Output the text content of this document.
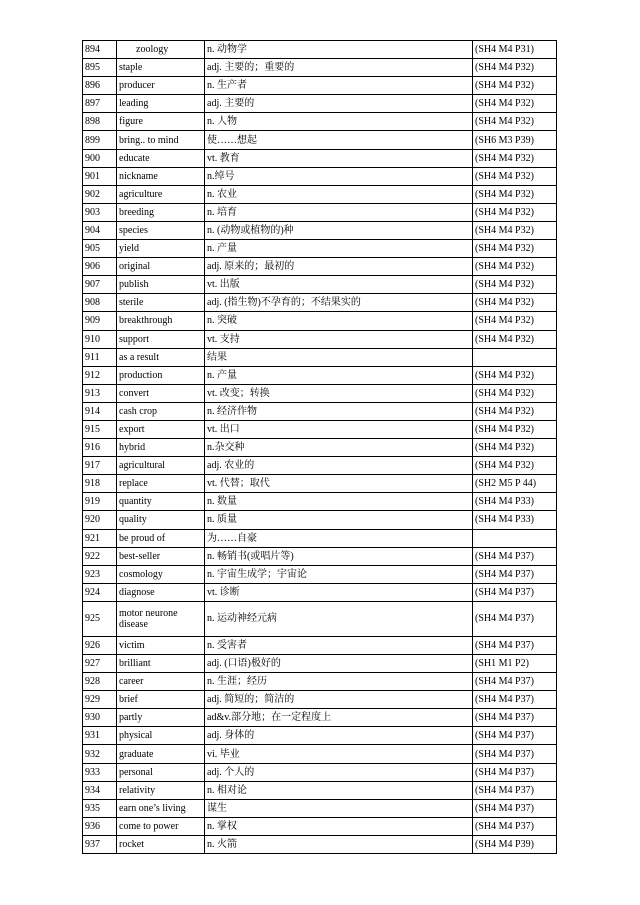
894	zoology	n. 动物学	(SH4 M4 P31)
895	staple	adj. 主要的；重要的	(SH4 M4 P32)
896	producer	n. 生产者	(SH4 M4 P32)
897	leading	adj. 主要的	(SH4 M4 P32)
898	figure	n. 人物	(SH4 M4 P32)
899	bring.. to mind	使……想起	(SH6 M3 P39)
900	educate	vt. 教育	(SH4 M4 P32)
901	nickname	n.绰号	(SH4 M4 P32)
902	agriculture	n. 农业	(SH4 M4 P32)
903	breeding	n. 培育	(SH4 M4 P32)
904	species	n. (动物或植物的)种	(SH4 M4 P32)
905	yield	n. 产量	(SH4 M4 P32)
906	original	adj. 原来的；最初的	(SH4 M4 P32)
907	publish	vt. 出版	(SH4 M4 P32)
908	sterile	adj. (指生物)不孕育的；不结果实的	(SH4 M4 P32)
909	breakthrough	n. 突破	(SH4 M4 P32)
910	support	vt. 支持	(SH4 M4 P32)
911	as a result	结果	
912	production	n. 产量	(SH4 M4 P32)
913	convert	vt. 改变；转换	(SH4 M4 P32)
914	cash crop	n. 经济作物	(SH4 M4 P32)
915	export	vt. 出口	(SH4 M4 P32)
916	hybrid	n.杂交种	(SH4 M4 P32)
917	agricultural	adj. 农业的	(SH4 M4 P32)
918	replace	vt. 代替；取代	(SH2 M5 P 44)
919	quantity	n. 数量	(SH4 M4 P33)
920	quality	n. 质量	(SH4 M4 P33)
921	be proud of	为……自豪	
922	best-seller	n. 畅销书(或唱片等)	(SH4 M4 P37)
923	cosmology	n. 宇宙生成学；宇宙论	(SH4 M4 P37)
924	diagnose	vt. 诊断	(SH4 M4 P37)
925	motor neurone disease	n. 运动神经元病	(SH4 M4 P37)
926	victim	n. 受害者	(SH4 M4 P37)
927	brilliant	adj. (口语)极好的	(SH1 M1 P2)
928	career	n. 生涯；经历	(SH4 M4 P37)
929	brief	adj. 简短的；简洁的	(SH4 M4 P37)
930	partly	ad&v.部分地；在一定程度上	(SH4 M4 P37)
931	physical	adj. 身体的	(SH4 M4 P37)
932	graduate	vi. 毕业	(SH4 M4 P37)
933	personal	adj. 个人的	(SH4 M4 P37)
934	relativity	n. 相对论	(SH4 M4 P37)
935	earn one’s living	谋生	(SH4 M4 P37)
936	come to power	n. 掌权	(SH4 M4 P37)
937	rocket	n. 火箭	(SH4 M4 P39)
